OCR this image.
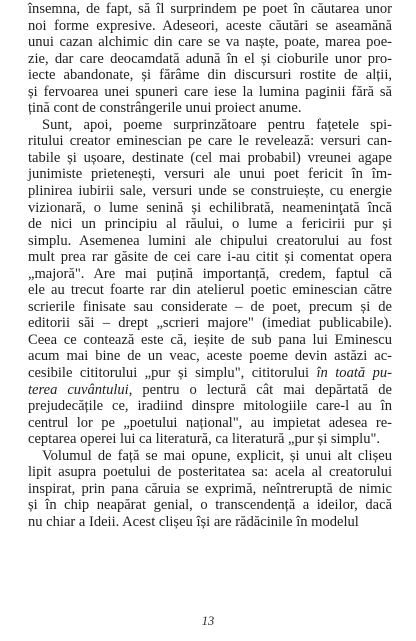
însemna, de fapt, să îl surprindem pe poet în căutarea unor
noi forme expresive. Adeseori, aceste căutări se aseamănă
unui cazan alchimic din care se va naște, poate, marea poe-
zie, dar care deocamdată adună în el și cioburile unor pro-
iecte abandonate, și fărâme din discursuri rostite de alții,
și fervoarea unei spuneri care iese la lumina paginii fără să
țină cont de constrângerile unui proiect anume.
Sunt, apoi, poeme surprinzătoare pentru fațetele spi-
ritului creator eminescian pe care le revelează: versuri can-
tabile și ușoare, destinate (cel mai probabil) vreunei agape
junimiste prietenești, versuri ale unui poet fericit în îm-
plinirea iubirii sale, versuri unde se construiește, cu energie
vizionară, o lume senină și echilibrată, neameninţată încă
de nici un principiu al răului, o lume a fericirii pur și
simplu. Asemenea lumini ale chipului creatorului au fost
mult prea rar găsite de cei care i-au citit și comentat opera
„majoră". Are mai puțină importanță, credem, faptul că
ele au trecut foarte rar din atelierul poetic eminescian către
scrierile finisate sau considerate – de poet, precum și de
editorii săi – drept „scrieri majore" (imediat publicabile).
Ceea ce contează este că, ieșite de sub pana lui Eminescu
acum mai bine de un veac, aceste poeme devin astăzi ac-
cesibile cititorului „pur și simplu", cititorului în toată pu-
terea cuvântului, pentru o lectură cât mai depărtată de
prejudecățile ce, iradiind dinspre mitologiile care-l au în
centrul lor pe „poetului național", au impietat adesea re-
ceptarea operei lui ca literatură, ca literatură „pur și simplu".
Volumul de față se mai opune, explicit, și unui alt clișeu
lipit asupra poetului de posteritatea sa: acela al creatorului
inspirat, prin pana căruia se exprimă, neîntreruptă de nimic
și în chip neapărat genial, o transcendență a ideilor, dacă
nu chiar a Ideii. Acest clișeu își are rădăcinile în modelul
13
